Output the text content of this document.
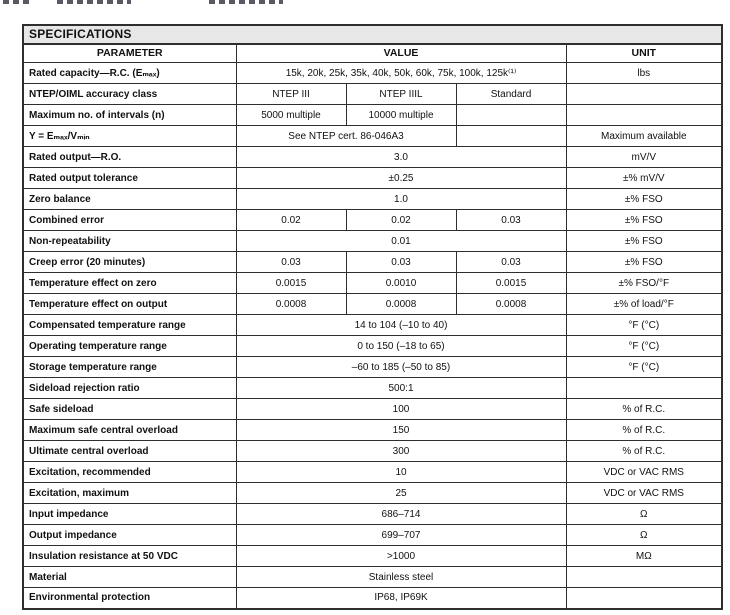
SPECIFICATIONS				
PARAMETER	VALUE			UNIT
Rated capacity—R.C. (Eₘₐₓ)	15k, 20k, 25k, 35k, 40k, 50k, 60k, 75k, 100k, 125k⁽¹⁾			lbs
NTEP/OIML accuracy class	NTEP III	NTEP IIIL	Standard	
Maximum no. of intervals (n)	5000 multiple	10000 multiple		
Y = Eₘₐₓ/Vₘᵢₙ	See NTEP cert. 86-046A3			Maximum available
Rated output—R.O.	3.0			mV/V
Rated output tolerance	±0.25			±% mV/V
Zero balance	1.0			±% FSO
Combined error	0.02	0.02	0.03	±% FSO
Non-repeatability	0.01			±% FSO
Creep error (20 minutes)	0.03	0.03	0.03	±% FSO
Temperature effect on zero	0.0015	0.0010	0.0015	±% FSO/°F
Temperature effect on output	0.0008	0.0008	0.0008	±% of load/°F
Compensated temperature range	14 to 104 (–10 to 40)			°F (°C)
Operating temperature range	0 to 150 (–18 to 65)			°F (°C)
Storage temperature range	–60 to 185 (–50 to 85)			°F (°C)
Sideload rejection ratio	500:1			
Safe sideload	100			% of R.C.
Maximum safe central overload	150			% of R.C.
Ultimate central overload	300			% of R.C.
Excitation, recommended	10			VDC or VAC RMS
Excitation, maximum	25			VDC or VAC RMS
Input impedance	686–714			Ω
Output impedance	699–707			Ω
Insulation resistance at 50 VDC	>1000			MΩ
Material	Stainless steel			
Environmental protection	IP68, IP69K			
